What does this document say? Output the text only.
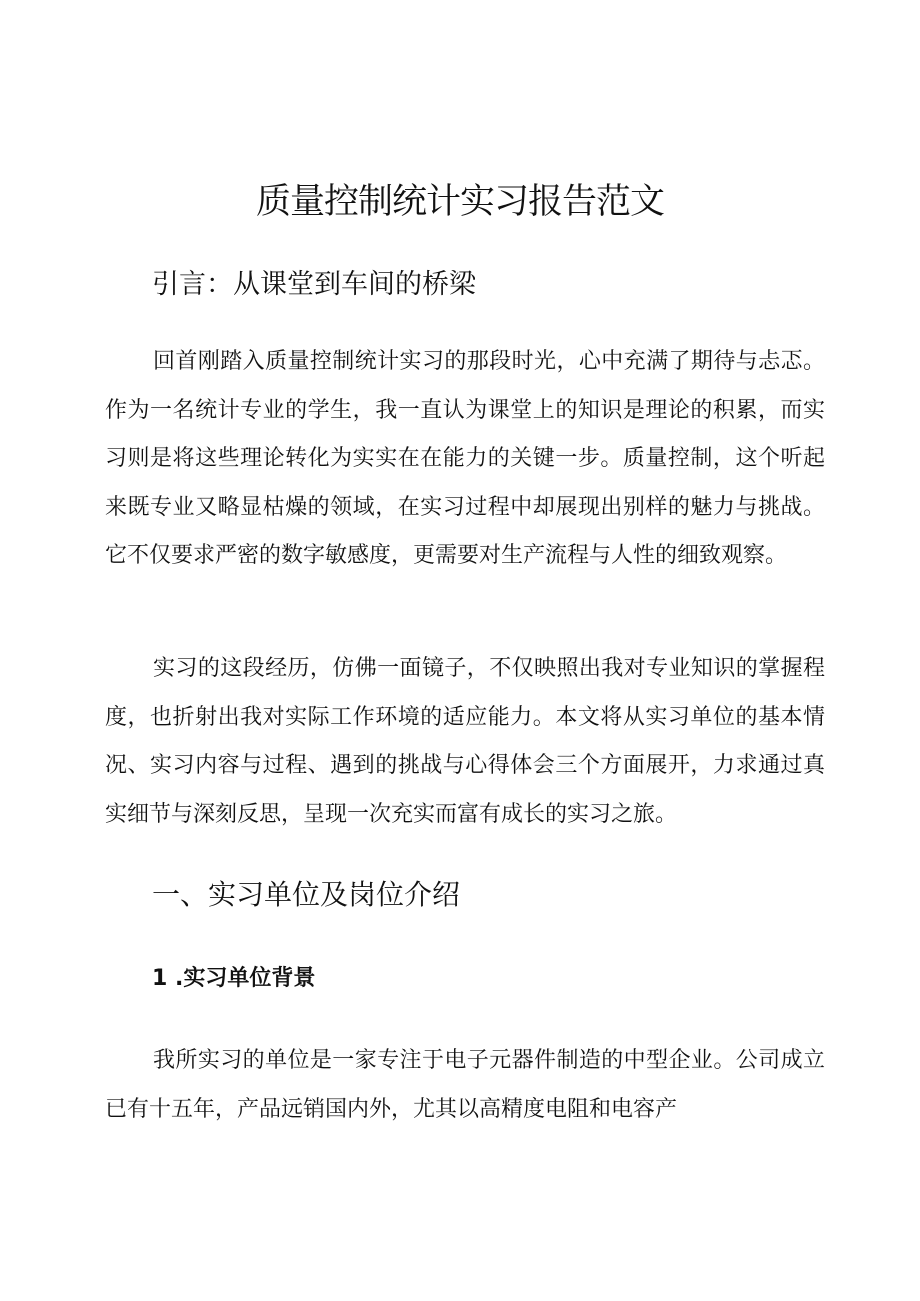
质量控制统计实习报告范文
引言：从课堂到车间的桥梁

回首刚踏入质量控制统计实习的那段时光，心中充满了期待与忐忑。作为一名统计专业的学生，我一直认为课堂上的知识是理论的积累，而实习则是将这些理论转化为实实在在能力的关键一步。质量控制，这个听起来既专业又略显枯燥的领域，在实习过程中却展现出别样的魅力与挑战。它不仅要求严密的数字敏感度，更需要对生产流程与人性的细致观察。

实习的这段经历，仿佛一面镜子，不仅映照出我对专业知识的掌握程度，也折射出我对实际工作环境的适应能力。本文将从实习单位的基本情况、实习内容与过程、遇到的挑战与心得体会三个方面展开，力求通过真实细节与深刻反思，呈现一次充实而富有成长的实习之旅。

一、实习单位及岗位介绍
1 .实习单位背景

我所实习的单位是一家专注于电子元器件制造的中型企业。公司成立已有十五年，产品远销国内外，尤其以高精度电阻和电容产
